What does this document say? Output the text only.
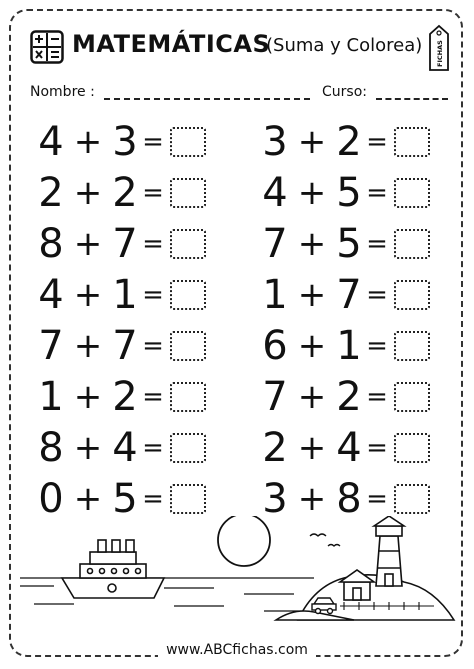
MATEMÁTICAS
(Suma y Colorea) FICHAS
Nombre :	Curso:
4 + 3 = 3 + 2 =
2 + 2 = 4 + 5 =
8 + 7 = 7 + 5 =
4 + 1 = 1 + 7 =
7 + 7 = 6 + 1 =
1 + 2 = 7 + 2 =
8 + 4 = 2 + 4 =
0 + 5 = 3 + 8 =
www.ABCfichas.com
